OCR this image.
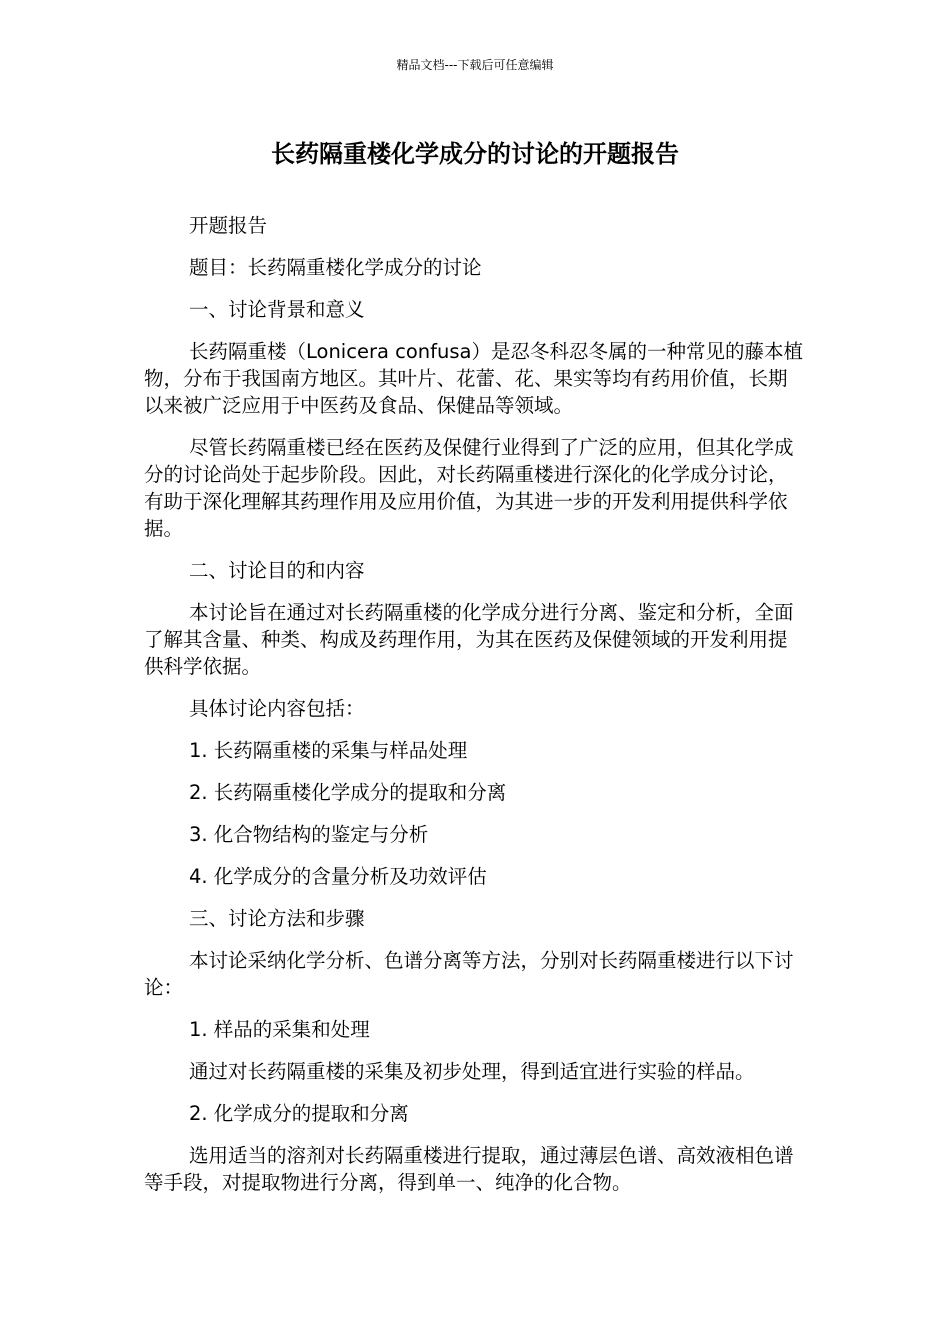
精品文档---下载后可任意编辑
长药隔重楼化学成分的讨论的开题报告

开题报告

题目：长药隔重楼化学成分的讨论

一、讨论背景和意义

长药隔重楼（Lonicera confusa）是忍冬科忍冬属的一种常见的藤本植物，分布于我国南方地区。其叶片、花蕾、花、果实等均有药用价值，长期以来被广泛应用于中医药及食品、保健品等领域。

尽管长药隔重楼已经在医药及保健行业得到了广泛的应用，但其化学成分的讨论尚处于起步阶段。因此，对长药隔重楼进行深化的化学成分讨论，有助于深化理解其药理作用及应用价值，为其进一步的开发利用提供科学依据。

二、讨论目的和内容

本讨论旨在通过对长药隔重楼的化学成分进行分离、鉴定和分析，全面了解其含量、种类、构成及药理作用，为其在医药及保健领域的开发利用提供科学依据。

具体讨论内容包括：

1. 长药隔重楼的采集与样品处理

2. 长药隔重楼化学成分的提取和分离

3. 化合物结构的鉴定与分析

4. 化学成分的含量分析及功效评估

三、讨论方法和步骤

本讨论采纳化学分析、色谱分离等方法，分别对长药隔重楼进行以下讨论：

1. 样品的采集和处理

通过对长药隔重楼的采集及初步处理，得到适宜进行实验的样品。

2. 化学成分的提取和分离

选用适当的溶剂对长药隔重楼进行提取，通过薄层色谱、高效液相色谱等手段，对提取物进行分离，得到单一、纯净的化合物。
